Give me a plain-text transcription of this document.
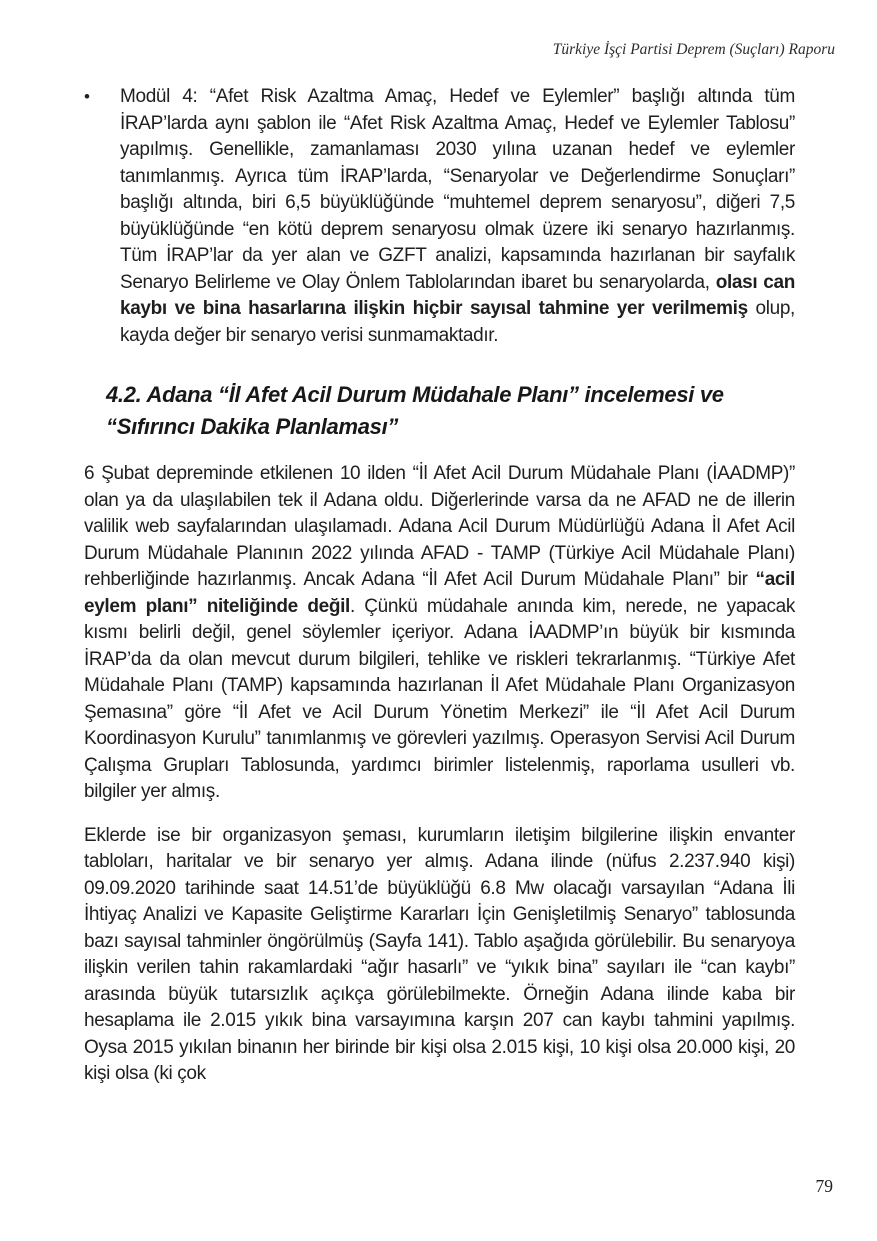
Türkiye İşçi Partisi Deprem (Suçları) Raporu
•	Modül 4: “Afet Risk Azaltma Amaç, Hedef ve Eylemler” başlığı altında tüm İRAP’larda aynı şablon ile “Afet Risk Azaltma Amaç, Hedef ve Eylemler Tablosu” yapılmış. Genellikle, zamanlaması 2030 yılına uzanan hedef ve eylemler tanımlanmış. Ayrıca tüm İRAP’larda, “Senaryolar ve Değerlendirme Sonuçları” başlığı altında, biri 6,5 büyüklüğünde “muhtemel deprem senaryosu”, diğeri 7,5 büyüklüğünde “en kötü deprem senaryosu olmak üzere iki senaryo hazırlanmış. Tüm İRAP’lar da yer alan ve GZFT analizi, kapsamında hazırlanan bir sayfalık Senaryo Belirleme ve Olay Önlem Tablolarından ibaret bu senaryolarda, olası can kaybı ve bina hasarlarına ilişkin hiçbir sayısal tahmine yer verilmemiş olup, kayda değer bir senaryo verisi sunmamaktadır.

4.2. Adana “İl Afet Acil Durum Müdahale Planı” incelemesi ve “Sıfırıncı Dakika Planlaması”

6 Şubat depreminde etkilenen 10 ilden “İl Afet Acil Durum Müdahale Planı (İAADMP)” olan ya da ulaşılabilen tek il Adana oldu. Diğerlerinde varsa da ne AFAD ne de illerin valilik web sayfalarından ulaşılamadı. Adana Acil Durum Müdürlüğü Adana İl Afet Acil Durum Müdahale Planının 2022 yılında AFAD - TAMP (Türkiye Acil Müdahale Planı) rehberliğinde hazırlanmış. Ancak Adana “İl Afet Acil Durum Müdahale Planı” bir “acil eylem planı” niteliğinde değil. Çünkü müdahale anında kim, nerede, ne yapacak kısmı belirli değil, genel söylemler içeriyor. Adana İAADMP’ın büyük bir kısmında İRAP’da da olan mevcut durum bilgileri, tehlike ve riskleri tekrarlanmış. “Türkiye Afet Müdahale Planı (TAMP) kapsamında hazırlanan İl Afet Müdahale Planı Organizasyon Şemasına” göre “İl Afet ve Acil Durum Yönetim Merkezi” ile “İl Afet Acil Durum Koordinasyon Kurulu” tanımlanmış ve görevleri yazılmış. Operasyon Servisi Acil Durum Çalışma Grupları Tablosunda, yardımcı birimler listelenmiş, raporlama usulleri vb. bilgiler yer almış.

Eklerde ise bir organizasyon şeması, kurumların iletişim bilgilerine ilişkin envanter tabloları, haritalar ve bir senaryo yer almış. Adana ilinde (nüfus 2.237.940 kişi) 09.09.2020 tarihinde saat 14.51’de büyüklüğü 6.8 Mw olacağı varsayılan “Adana İli İhtiyaç Analizi ve Kapasite Geliştirme Kararları İçin Genişletilmiş Senaryo” tablosunda bazı sayısal tahminler öngörülmüş (Sayfa 141). Tablo aşağıda görülebilir. Bu senaryoya ilişkin verilen tahin rakamlardaki “ağır hasarlı” ve “yıkık bina” sayıları ile “can kaybı” arasında büyük tutarsızlık açıkça görülebilmekte. Örneğin Adana ilinde kaba bir hesaplama ile 2.015 yıkık bina varsayımına karşın 207 can kaybı tahmini yapılmış. Oysa 2015 yıkılan binanın her birinde bir kişi olsa 2.015 kişi, 10 kişi olsa 20.000 kişi, 20 kişi olsa (ki çok

79
